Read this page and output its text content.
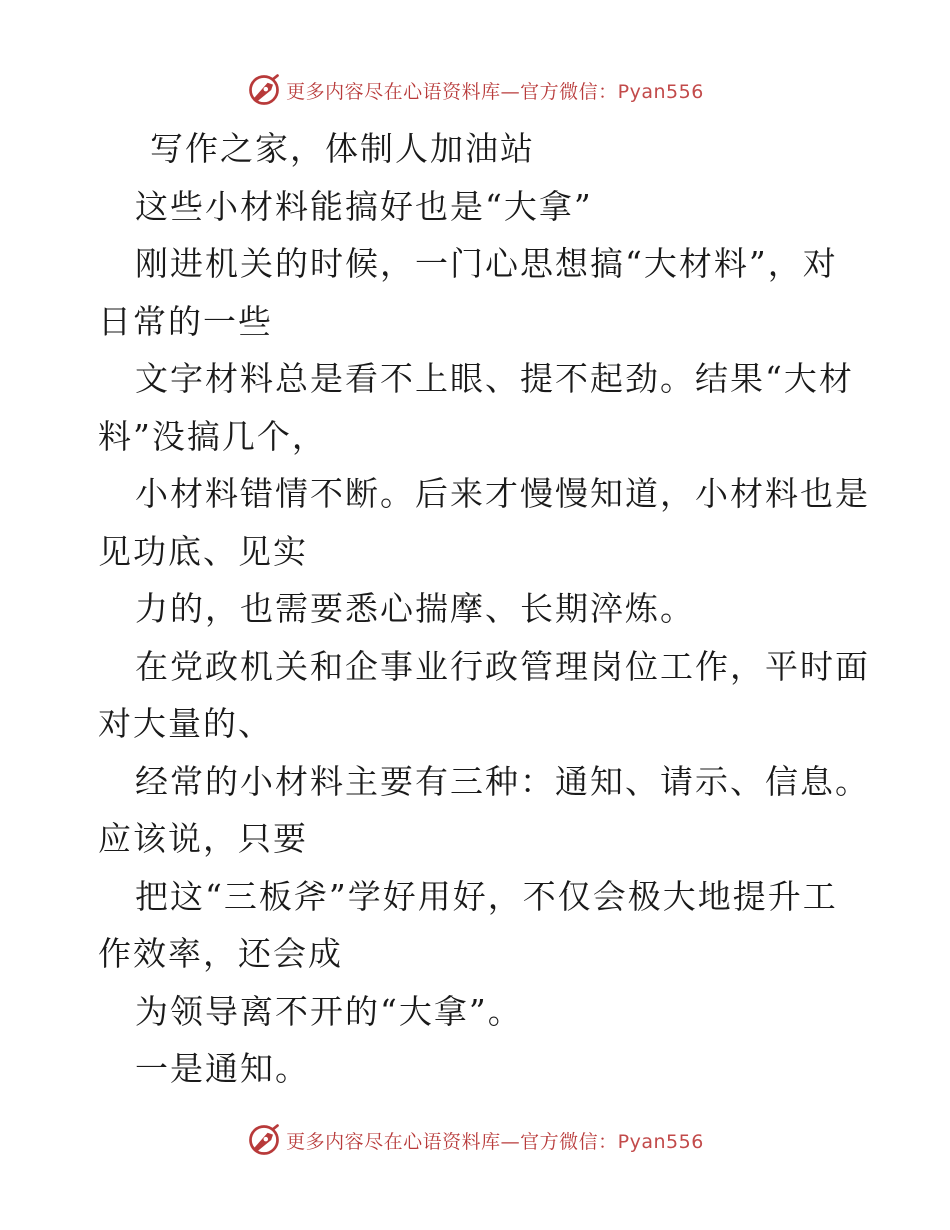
更多内容尽在心语资料库—官方微信：Pyan556
写作之家，体制人加油站
这些小材料能搞好也是“大拿”
刚进机关的时候，一门心思想搞“大材料”，对
日常的一些
文字材料总是看不上眼、提不起劲。结果“大材
料”没搞几个，
小材料错情不断。后来才慢慢知道，小材料也是
见功底、见实
力的，也需要悉心揣摩、长期淬炼。
在党政机关和企事业行政管理岗位工作，平时面
对大量的、
经常的小材料主要有三种：通知、请示、信息。
应该说，只要
把这“三板斧”学好用好，不仅会极大地提升工
作效率，还会成
为领导离不开的“大拿”。
一是通知。
更多内容尽在心语资料库—官方微信：Pyan556
